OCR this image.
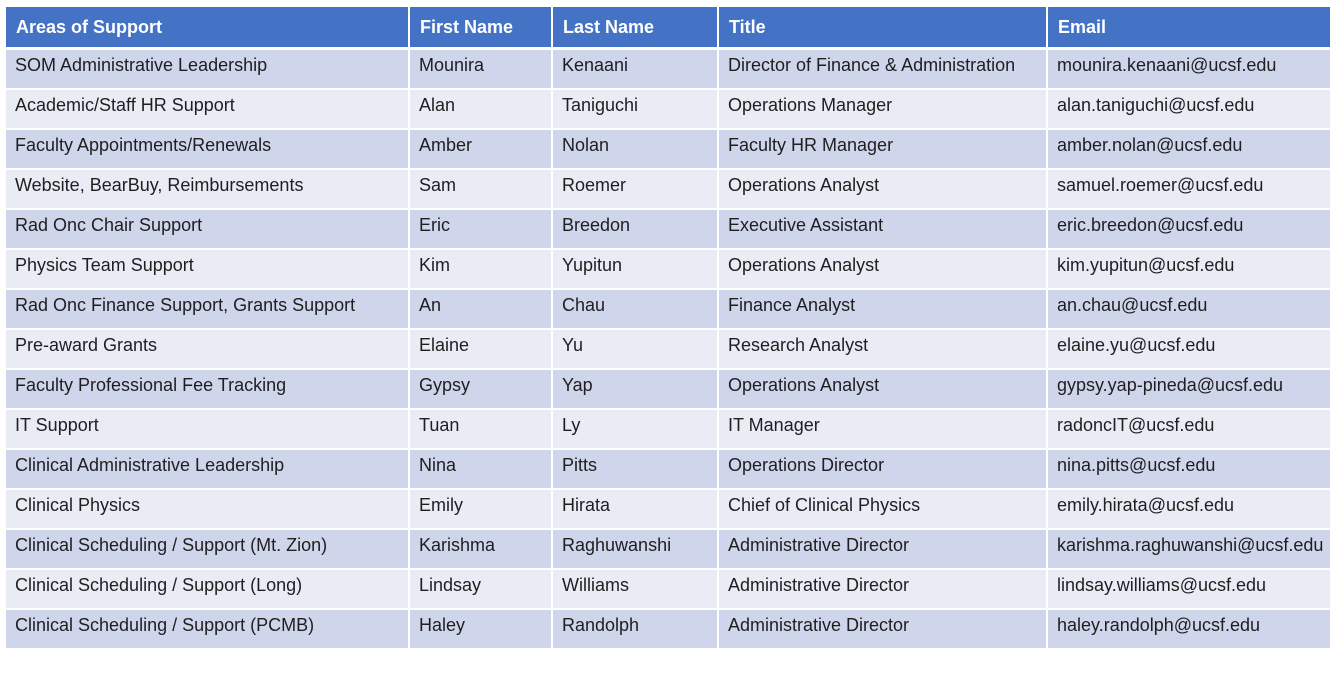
Areas of Support	First Name	Last Name	Title	Email
SOM Administrative Leadership	Mounira	Kenaani	Director of Finance & Administration	mounira.kenaani@ucsf.edu
Academic/Staff HR Support	Alan	Taniguchi	Operations Manager	alan.taniguchi@ucsf.edu
Faculty Appointments/Renewals	Amber	Nolan	Faculty HR Manager	amber.nolan@ucsf.edu
Website, BearBuy, Reimbursements	Sam	Roemer	Operations Analyst	samuel.roemer@ucsf.edu
Rad Onc Chair Support	Eric	Breedon	Executive Assistant	eric.breedon@ucsf.edu
Physics Team Support	Kim	Yupitun	Operations Analyst	kim.yupitun@ucsf.edu
Rad Onc Finance Support, Grants Support	An	Chau	Finance Analyst	an.chau@ucsf.edu
Pre-award Grants	Elaine	Yu	Research Analyst	elaine.yu@ucsf.edu
Faculty Professional Fee Tracking	Gypsy	Yap	Operations Analyst	gypsy.yap-pineda@ucsf.edu
IT Support	Tuan	Ly	IT Manager	radoncIT@ucsf.edu
Clinical Administrative Leadership	Nina	Pitts	Operations Director	nina.pitts@ucsf.edu
Clinical Physics	Emily	Hirata	Chief of Clinical Physics	emily.hirata@ucsf.edu
Clinical Scheduling / Support (Mt. Zion)	Karishma	Raghuwanshi	Administrative Director	karishma.raghuwanshi@ucsf.edu
Clinical Scheduling / Support (Long)	Lindsay	Williams	Administrative Director	lindsay.williams@ucsf.edu
Clinical Scheduling / Support (PCMB)	Haley	Randolph	Administrative Director	haley.randolph@ucsf.edu
